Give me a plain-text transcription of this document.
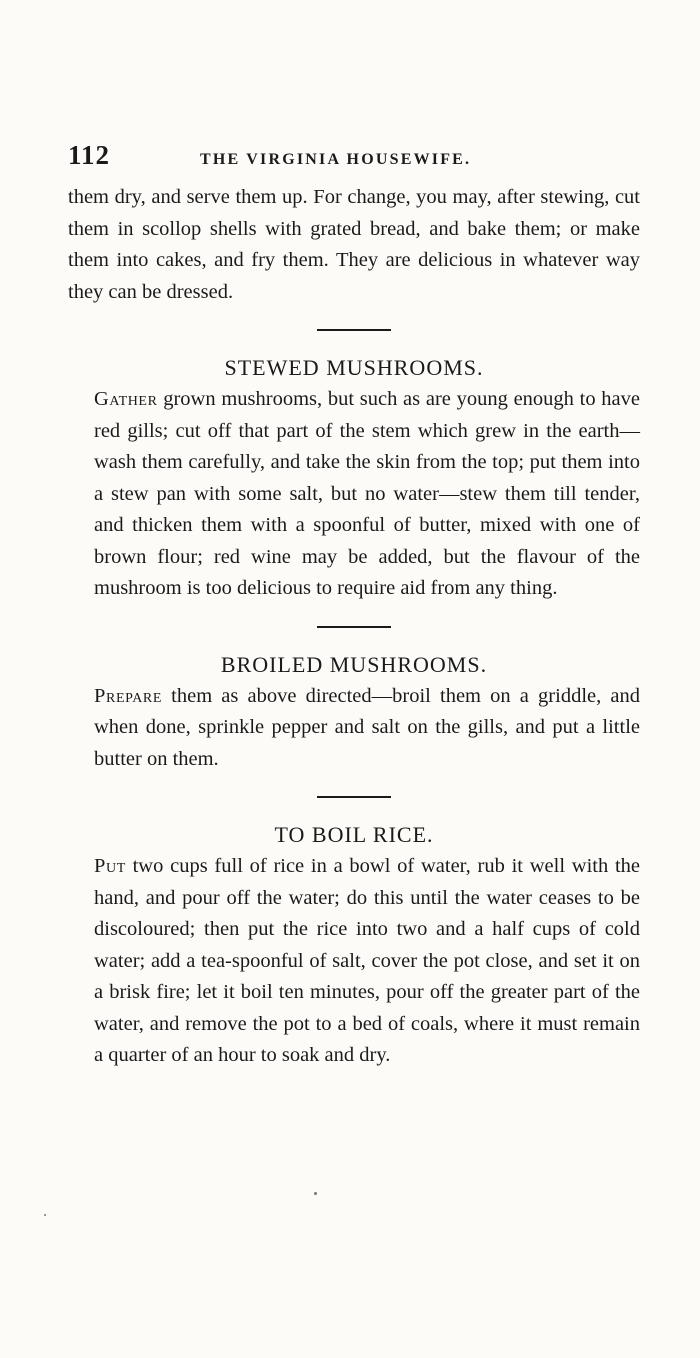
112	THE VIRGINIA HOUSEWIFE.

them dry, and serve them up. For change, you may, after stewing, cut them in scollop shells with grated bread, and bake them; or make them into cakes, and fry them. They are delicious in whatever way they can be dressed.

STEWED MUSHROOMS.

Gather grown mushrooms, but such as are young enough to have red gills; cut off that part of the stem which grew in the earth—wash them carefully, and take the skin from the top; put them into a stew pan with some salt, but no water—stew them till tender, and thicken them with a spoonful of butter, mixed with one of brown flour; red wine may be added, but the flavour of the mushroom is too delicious to require aid from any thing.

BROILED MUSHROOMS.

Prepare them as above directed—broil them on a griddle, and when done, sprinkle pepper and salt on the gills, and put a little butter on them.

TO BOIL RICE.

Put two cups full of rice in a bowl of water, rub it well with the hand, and pour off the water; do this until the water ceases to be discoloured; then put the rice into two and a half cups of cold water; add a tea-spoonful of salt, cover the pot close, and set it on a brisk fire; let it boil ten minutes, pour off the greater part of the water, and remove the pot to a bed of coals, where it must remain a quarter of an hour to soak and dry.
